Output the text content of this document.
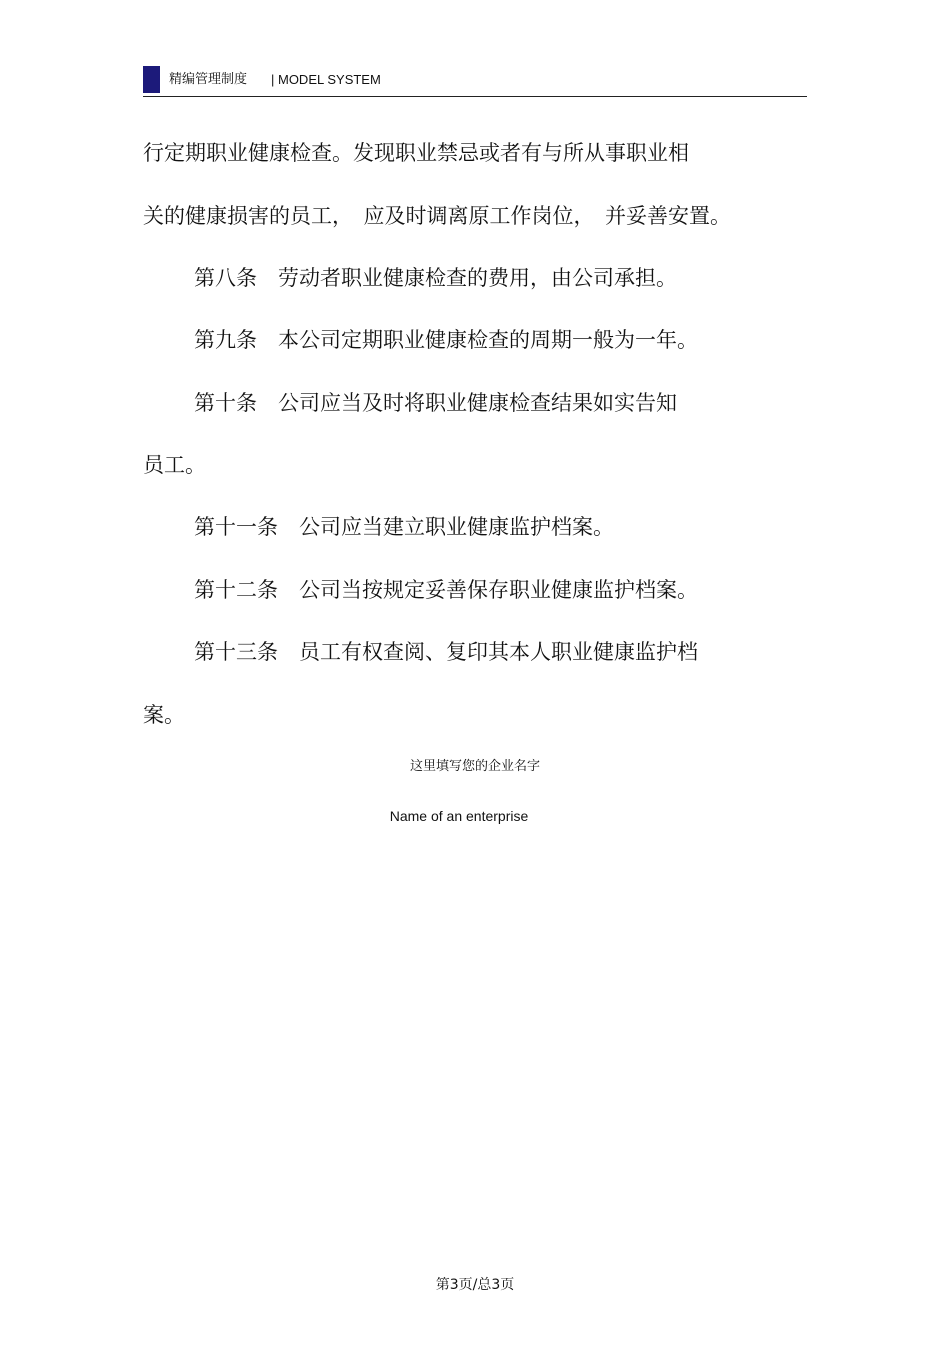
精编管理制度 | MODEL SYSTEM
行定期职业健康检查。发现职业禁忌或者有与所从事职业相
关的健康损害的员工，　应及时调离原工作岗位，　并妥善安置。
第八条　劳动者职业健康检查的费用，由公司承担。
第九条　本公司定期职业健康检查的周期一般为一年。
第十条　公司应当及时将职业健康检查结果如实告知
员工。
第十一条　公司应当建立职业健康监护档案。
第十二条　公司当按规定妥善保存职业健康监护档案。
第十三条　员工有权查阅、复印其本人职业健康监护档
案。
这里填写您的企业名字
Name of an enterprise
第3页/总3页
